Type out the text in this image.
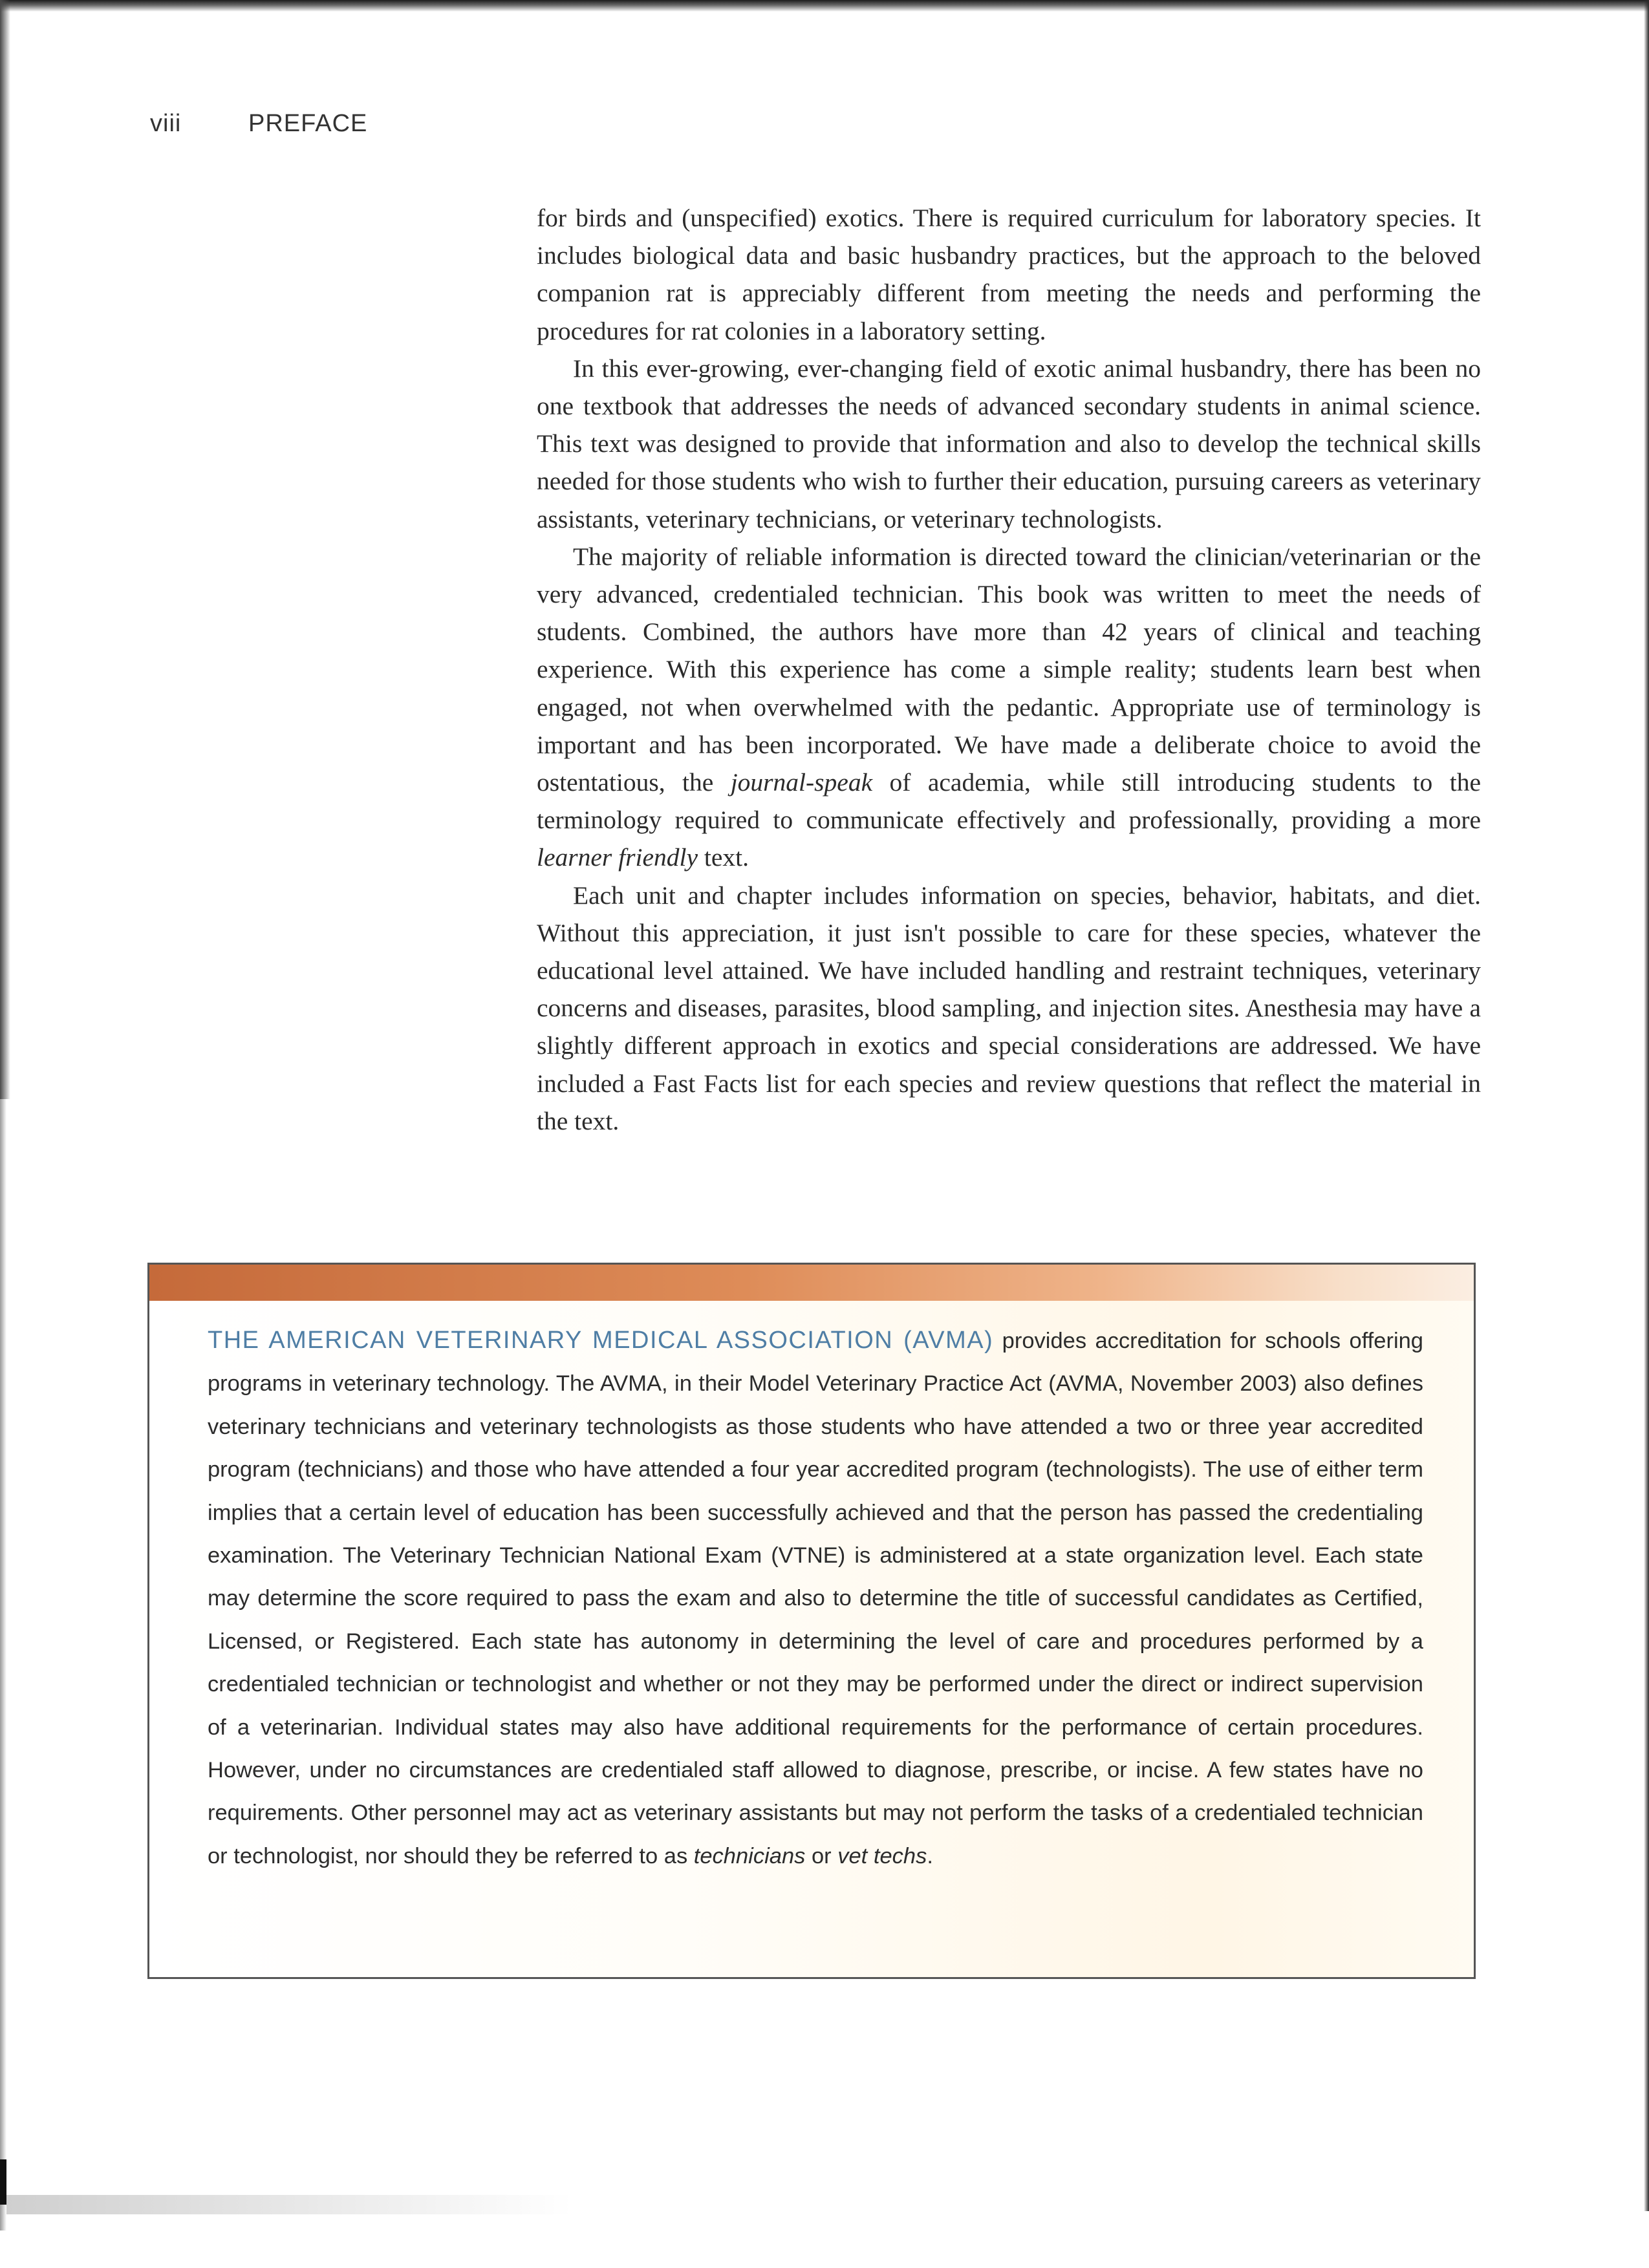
viii	PREFACE

for birds and (unspecified) exotics. There is required curriculum for laboratory species. It includes biological data and basic husbandry practices, but the approach to the beloved companion rat is appreciably different from meeting the needs and performing the procedures for rat colonies in a laboratory setting.

In this ever-growing, ever-changing field of exotic animal husbandry, there has been no one textbook that addresses the needs of advanced secondary students in animal science. This text was designed to provide that information and also to develop the technical skills needed for those students who wish to further their education, pursuing careers as veterinary assistants, veterinary technicians, or veterinary technologists.

The majority of reliable information is directed toward the clinician/veterinarian or the very advanced, credentialed technician. This book was written to meet the needs of students. Combined, the authors have more than 42 years of clinical and teaching experience. With this experience has come a simple reality; students learn best when engaged, not when overwhelmed with the pedantic. Appropriate use of terminology is important and has been incorporated. We have made a deliberate choice to avoid the ostentatious, the journal-speak of academia, while still introducing students to the terminology required to communicate effectively and professionally, providing a more learner friendly text.

Each unit and chapter includes information on species, behavior, habitats, and diet. Without this appreciation, it just isn't possible to care for these species, whatever the educational level attained. We have included handling and restraint techniques, veterinary concerns and diseases, parasites, blood sampling, and injection sites. Anesthesia may have a slightly different approach in exotics and special considerations are addressed. We have included a Fast Facts list for each species and review questions that reflect the material in the text.

THE AMERICAN VETERINARY MEDICAL ASSOCIATION (AVMA) provides accreditation for schools offering programs in veterinary technology. The AVMA, in their Model Veterinary Practice Act (AVMA, November 2003) also defines veterinary technicians and veterinary technologists as those students who have attended a two or three year accredited program (technicians) and those who have attended a four year accredited program (technologists). The use of either term implies that a certain level of education has been successfully achieved and that the person has passed the credentialing examination. The Veterinary Technician National Exam (VTNE) is administered at a state organization level. Each state may determine the score required to pass the exam and also to determine the title of successful candidates as Certified, Licensed, or Registered. Each state has autonomy in determining the level of care and procedures performed by a credentialed technician or technologist and whether or not they may be performed under the direct or indirect supervision of a veterinarian. Individual states may also have additional requirements for the performance of certain procedures. However, under no circumstances are credentialed staff allowed to diagnose, prescribe, or incise. A few states have no requirements. Other personnel may act as veterinary assistants but may not perform the tasks of a credentialed technician or technologist, nor should they be referred to as technicians or vet techs.
